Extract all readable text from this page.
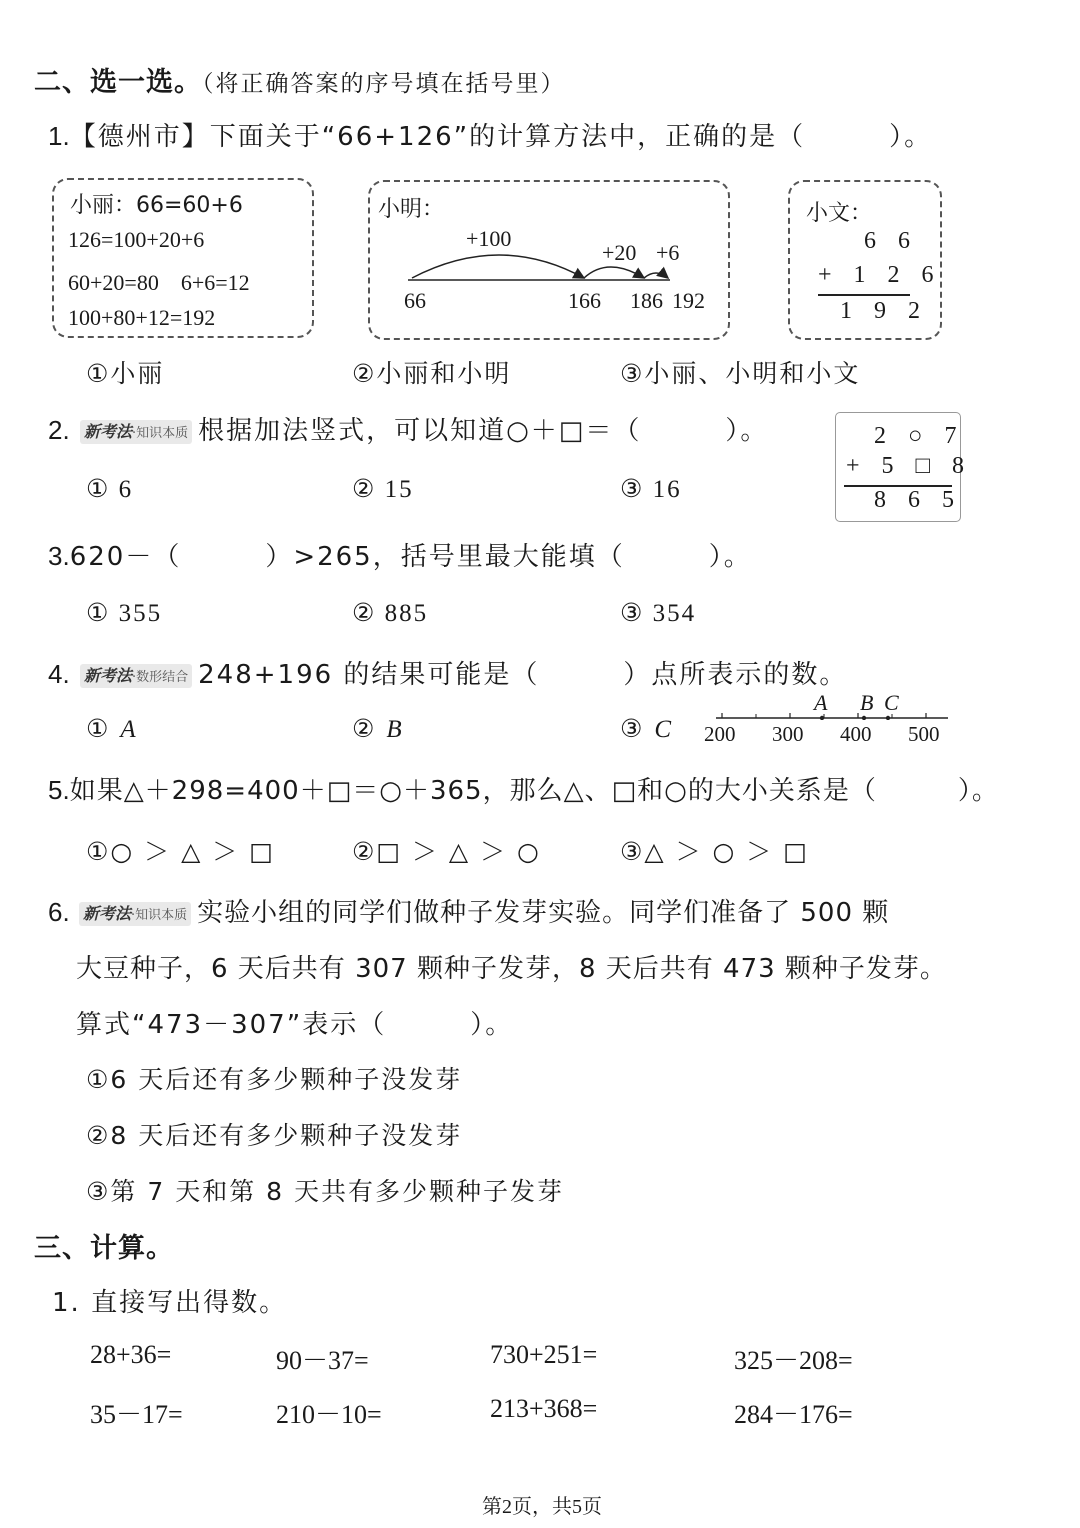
二、选一选。（将正确答案的序号填在括号里）
1.【德州市】下面关于“66+126”的计算方法中，正确的是（　　　）。
小丽：66=60+6
126=100+20+6
60+20=80　6+6=12
100+80+12=192
小明：
+100
+20 +6
66	166 186 192
小文：
6 6
+ 1 2 6
1 9 2
①小丽	②小丽和小明	③小丽、小明和小文
2. 新考法·知识本质 根据加法竖式，可以知道○＋□＝（　　　）。	2 ○ 7
+ 5 □ 8
8 6 5
① 6	② 15	③ 16
3.620－（　　　）>265，括号里最大能填（　　　）。
① 355	② 885	③ 354
4. 新考法·数形结合 248+196 的结果可能是（　　　）点所表示的数。
① A	② B	③ C
A B C
200 300 400 500
5.如果△＋298=400＋□＝○＋365，那么△、□和○的大小关系是（　　　）。
①○ ＞ △ ＞ □	②□ ＞ △ ＞ ○	③△ ＞ ○ ＞ □
6. 新考法·知识本质 实验小组的同学们做种子发芽实验。同学们准备了 500 颗
大豆种子，6 天后共有 307 颗种子发芽，8 天后共有 473 颗种子发芽。
算式“473－307”表示（　　　）。
①6 天后还有多少颗种子没发芽
②8 天后还有多少颗种子没发芽
③第 7 天和第 8 天共有多少颗种子发芽
三、计算。
1. 直接写出得数。
28+36=	90－37=	730+251=	325－208=
35－17=	210－10=	213+368=	284－176=
第2页，共5页
